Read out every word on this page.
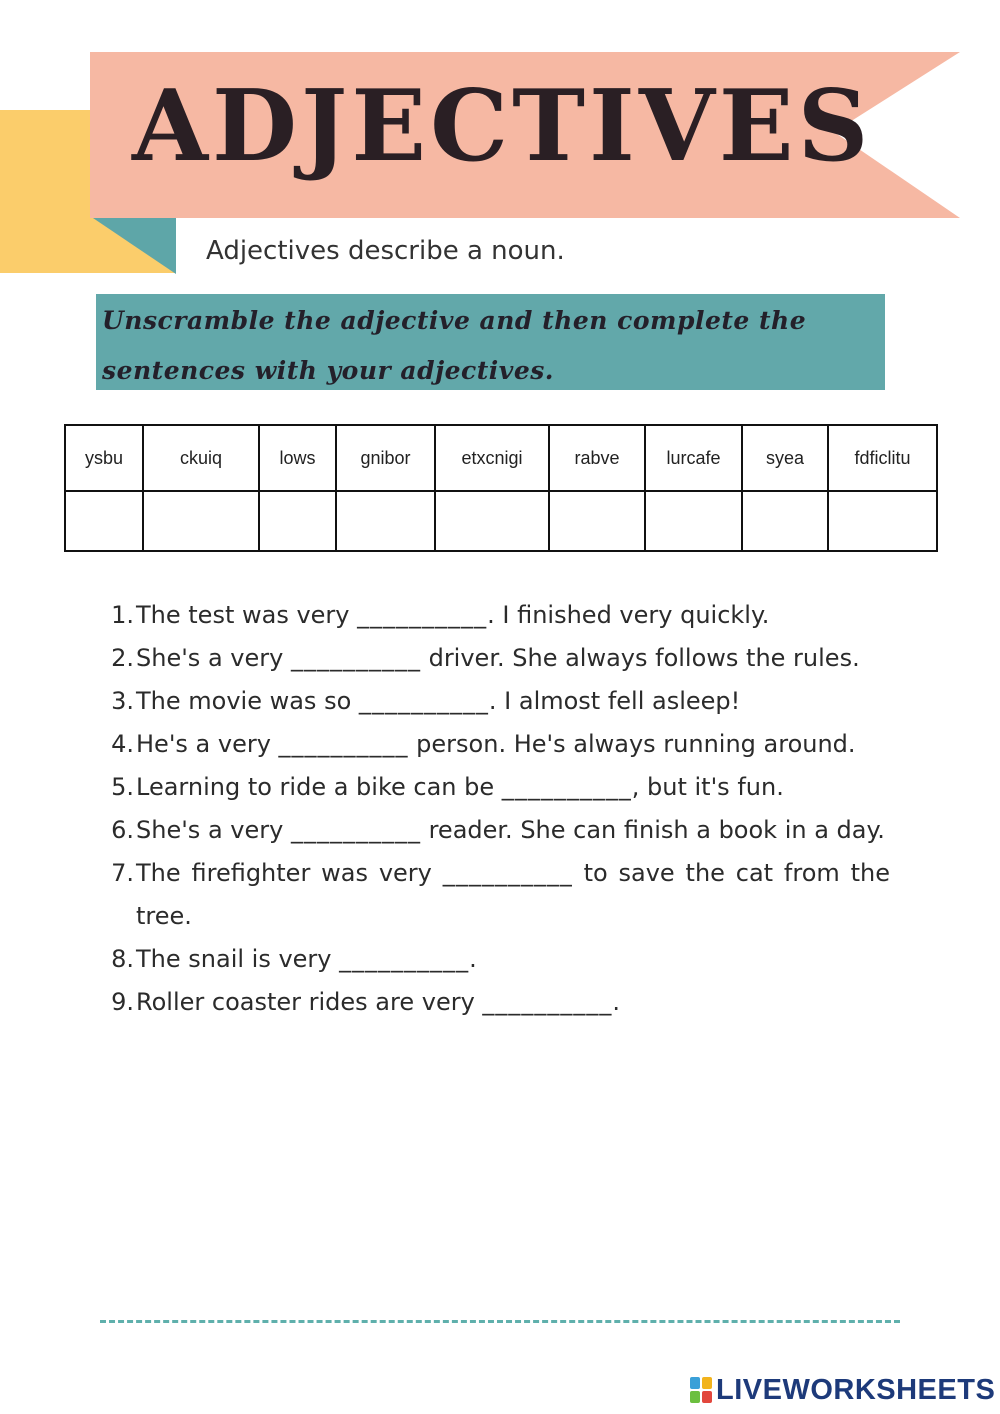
ADJECTIVES
Adjectives describe a noun.
Unscramble the adjective and then complete the
sentences with your adjectives.
ysbu	ckuiq	lows	gnibor	etxcnigi	rabve	lurcafe	syea	fdficlitu

1. The test was very __________. I finished very quickly.
2. She's a very __________ driver. She always follows the rules.
3. The movie was so __________. I almost fell asleep!
4. He's a very __________ person. He's always running around.
5. Learning to ride a bike can be __________, but it's fun.
6. She's a very __________ reader. She can finish a book in a day.
7. The firefighter was very __________ to save the cat from the tree.
8. The snail is very __________.
9. Roller coaster rides are very __________.
LIVEWORKSHEETS
